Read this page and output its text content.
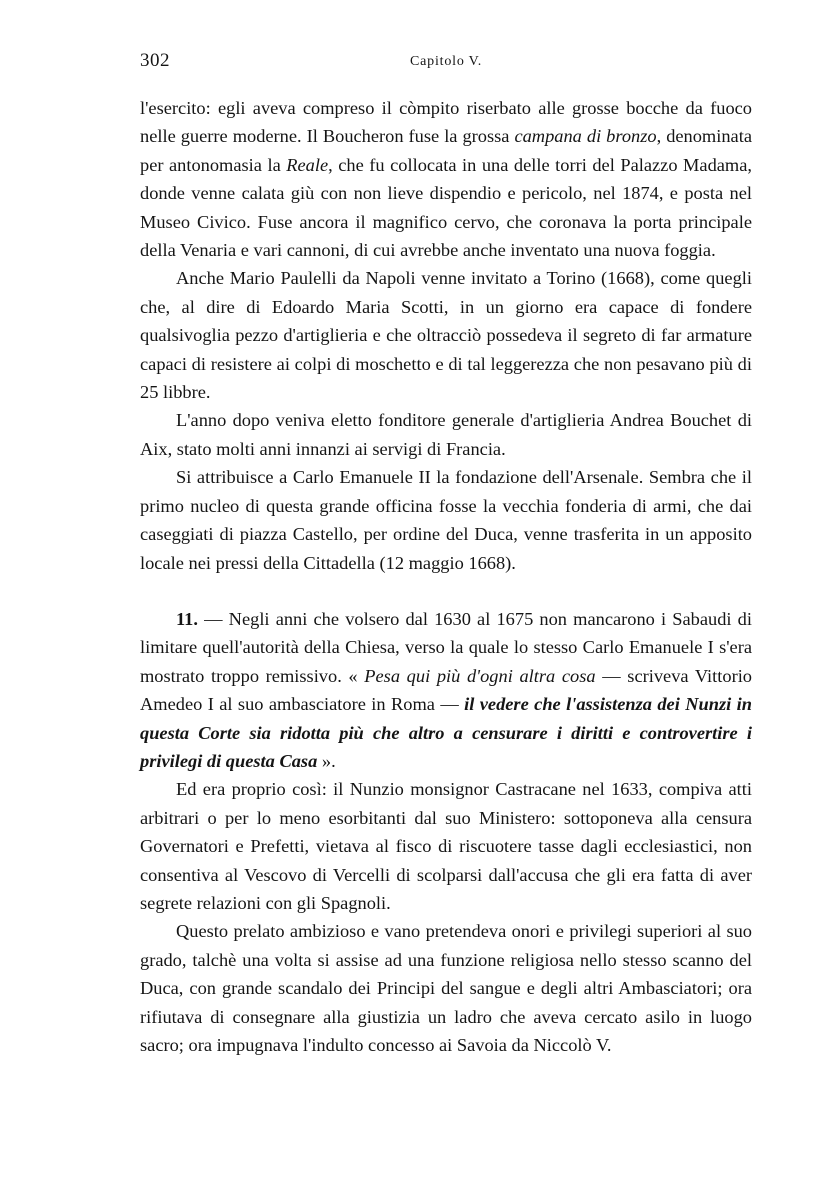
302	Capitolo V.

l'esercito: egli aveva compreso il còmpito riserbato alle grosse bocche da fuoco nelle guerre moderne. Il Boucheron fuse la grossa campana di bronzo, denominata per antonomasia la Reale, che fu collocata in una delle torri del Palazzo Madama, donde venne calata giù con non lieve dispendio e pericolo, nel 1874, e posta nel Museo Civico. Fuse ancora il magnifico cervo, che coronava la porta principale della Venaria e vari cannoni, di cui avrebbe anche inventato una nuova foggia.

Anche Mario Paulelli da Napoli venne invitato a Torino (1668), come quegli che, al dire di Edoardo Maria Scotti, in un giorno era capace di fondere qualsivoglia pezzo d'artiglieria e che oltracciò possedeva il segreto di far armature capaci di resistere ai colpi di moschetto e di tal leggerezza che non pesavano più di 25 libbre.

L'anno dopo veniva eletto fonditore generale d'artiglieria Andrea Bouchet di Aix, stato molti anni innanzi ai servigi di Francia.

Si attribuisce a Carlo Emanuele II la fondazione dell'Arsenale. Sembra che il primo nucleo di questa grande officina fosse la vecchia fonderia di armi, che dai caseggiati di piazza Castello, per ordine del Duca, venne trasferita in un apposito locale nei pressi della Cittadella (12 maggio 1668).

11. — Negli anni che volsero dal 1630 al 1675 non mancarono i Sabaudi di limitare quell'autorità della Chiesa, verso la quale lo stesso Carlo Emanuele I s'era mostrato troppo remissivo. « Pesa qui più d'ogni altra cosa — scriveva Vittorio Amedeo I al suo ambasciatore in Roma — il vedere che l'assistenza dei Nunzi in questa Corte sia ridotta più che altro a censurare i diritti e controvertire i privilegi di questa Casa ».

Ed era proprio così: il Nunzio monsignor Castracane nel 1633, compiva atti arbitrari o per lo meno esorbitanti dal suo Ministero: sottoponeva alla censura Governatori e Prefetti, vietava al fisco di riscuotere tasse dagli ecclesiastici, non consentiva al Vescovo di Vercelli di scolparsi dall'accusa che gli era fatta di aver segrete relazioni con gli Spagnoli.

Questo prelato ambizioso e vano pretendeva onori e privilegi superiori al suo grado, talchè una volta si assise ad una funzione religiosa nello stesso scanno del Duca, con grande scandalo dei Principi del sangue e degli altri Ambasciatori; ora rifiutava di consegnare alla giustizia un ladro che aveva cercato asilo in luogo sacro; ora impugnava l'indulto concesso ai Savoia da Niccolò V.
